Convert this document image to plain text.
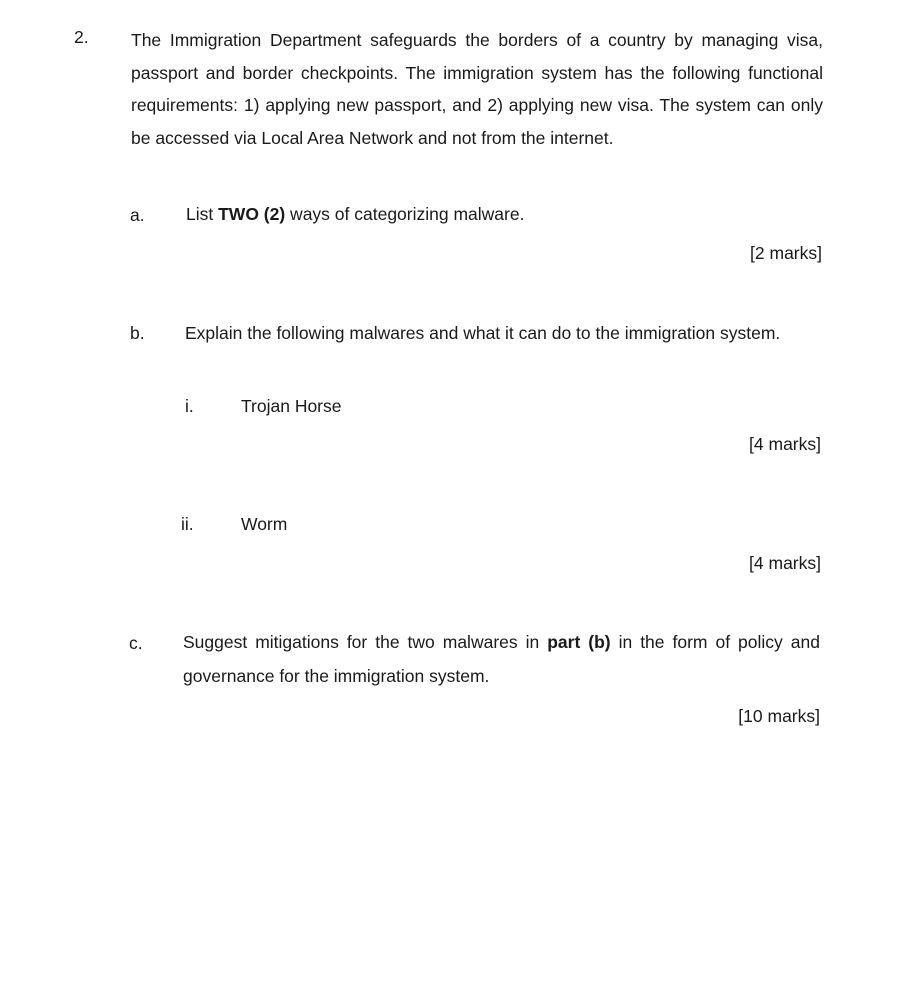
2. The Immigration Department safeguards the borders of a country by managing visa, passport and border checkpoints. The immigration system has the following functional requirements: 1) applying new passport, and 2) applying new visa. The system can only be accessed via Local Area Network and not from the internet.
a. List TWO (2) ways of categorizing malware.
[2 marks]
b. Explain the following malwares and what it can do to the immigration system.
i.	Trojan Horse
[4 marks]
ii.	Worm
[4 marks]
c. Suggest mitigations for the two malwares in part (b) in the form of policy and governance for the immigration system.
[10 marks]
